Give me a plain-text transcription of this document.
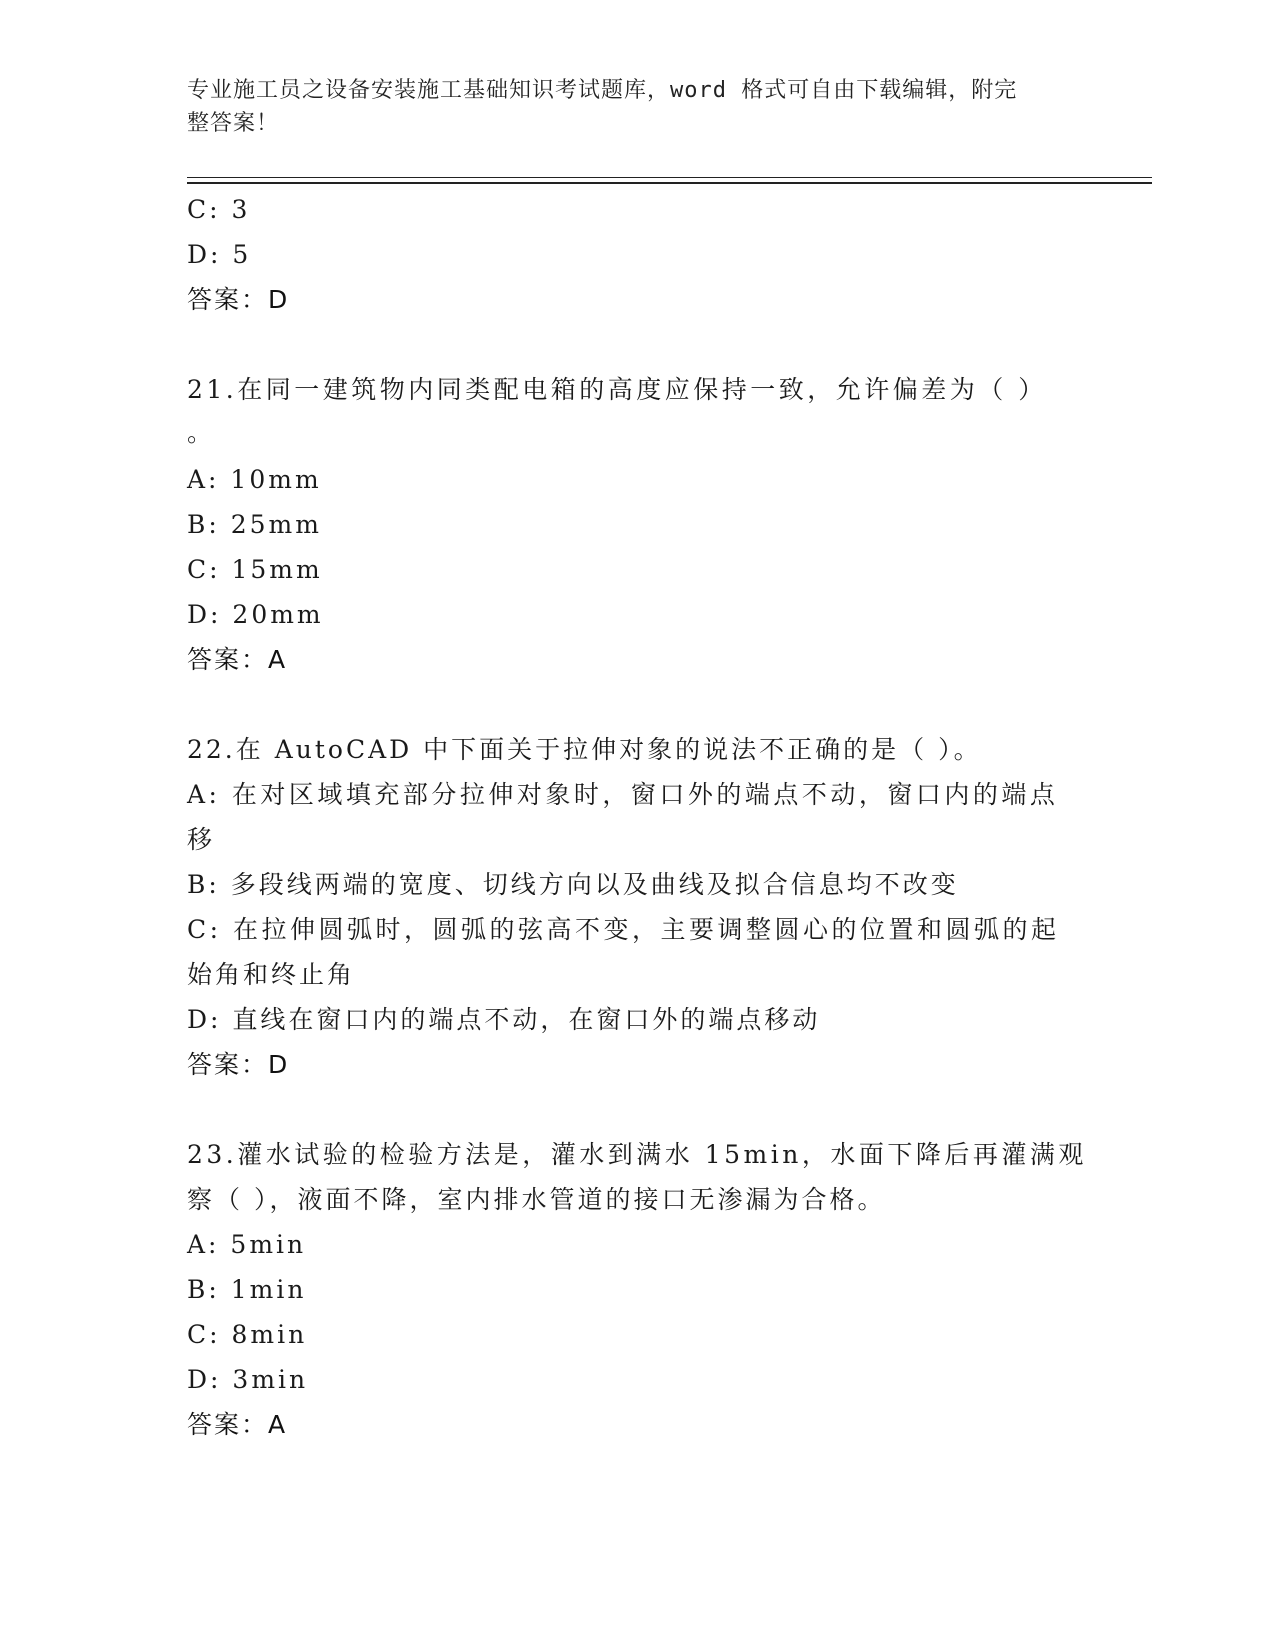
专业施工员之设备安装施工基础知识考试题库，word 格式可自由下载编辑，附完
整答案！
C: 3
D: 5
答案：D
21.在同一建筑物内同类配电箱的高度应保持一致，允许偏差为（ ）
。
A: 10mm
B: 25mm
C: 15mm
D: 20mm
答案：A
22.在 AutoCAD 中下面关于拉伸对象的说法不正确的是（ ）。
A: 在对区域填充部分拉伸对象时，窗口外的端点不动，窗口内的端点
移
B: 多段线两端的宽度、切线方向以及曲线及拟合信息均不改变
C: 在拉伸圆弧时，圆弧的弦高不变，主要调整圆心的位置和圆弧的起
始角和终止角
D: 直线在窗口内的端点不动，在窗口外的端点移动
答案：D
23.灌水试验的检验方法是，灌水到满水 15min，水面下降后再灌满观
察（ ），液面不降，室内排水管道的接口无渗漏为合格。
A: 5min
B: 1min
C: 8min
D: 3min
答案：A
